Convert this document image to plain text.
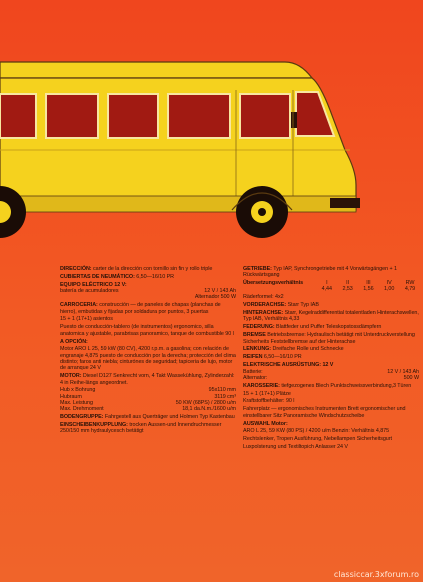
DIRECCIÓN: carter de la dirección con tornillo sin fin y rollo triple
CUBIERTAS DE NEUMÁTICO: 6,50—16/10 PR
EQUIPO ELÉCTRICO 12 V:
batería de acumuladores	12 V / 143 Ah
Alternador 500 W
CARROCERIA: construcción — de paneles de chapas (planchas de hierro), embutidas y fijadas por soldadura por puntos, 3 puertas
15 + 1 (17+1) asientos
Puesto de conducción-tablero (de instrumentos) ergonomico, silla anatomica y ajustable, parabrisas panoramico, tanque de combustible 90 l
A OPCIÓN:
Motor ARO L 25, 59 kW (80 CV), 4200 r.p.m. a gasolina; con relación de engranaje 4,875 puesto de conducción por la derecha; protección del clima distinto; faros anti niebla; cinturónes de seguridad; tapiceria de lujo, motor de arranque 24 V
MOTOR: Diesel D127 Senkrecht vorn, 4 Takt Wassekühlung, Zylinderzahl: 4 in Reihe-längs angeordnet.
Hub x Bohrung	95x110 mm
Hubraum	3119 cm³
Max. Leistung	50 KW (68PS) / 2800 u/m
Max. Drehmoment	18,1 da.N.m./1600 u/m
BODENGRUPPE: Fahrgestell aus Querträger und Holmen Typ Kastenbau
EINSCHEIBENKUPPLUNG: trocken Aussen-und Innendruchmesser 250/150 mm hydraulycesch betätigt
GETRIEBE: Typ IAP, Synchrongetriebe mit 4 Vorwärtsgängen + 1 Rückwärtsgang
Übersetzungsverhältnis	I	II	III	IV	RW
4,44	2,53	1,56	1,00	4,79
Räderformel: 4x2
VORDERACHSE: Starr Typ IAB
HINTERACHSE: Starr, Kegelraddifferential totalentladen Hinterachswellen, Typ IAB, Verhältnis 4,33
FEDERUNG: Blattfeder und Puffer Teleskopstossdämpfern
BREMSE Betriebsbremse: Hydraulisch betätigt mit Unterdruckverstellung Sicherheits Feststellbremse auf der Hinterachse
LENKUNG: Dreifache Rolle und Schnecke
REIFEN 6,50—16/10 PR
ELEKTRISCHE AUSRÜSTUNG: 12 V
Batterie:	12 V / 143 Ah
Alternator:	500 W
KAROSSERIE: tiefgezogenes Blech Punktschweissverbindung,3 Türen
15 + 1 (17+1) Plätze
Kraftstoffbehälter: 90 l
Fahrerplatz — ergonomisches Instrumenten Brett ergonomischer und einstellbarer Sitz Panoramische Windschutzscheibe
AUSWAHL Motor:
ARO L 25, 59 KW (80 PS) / 4200 u/m Benzin: Verhältnis 4,875
Rechtslenker, Tropen Ausführung, Nebellampen Sicherheitsgurt
Luxpolsterung und Textiltopich Anlasser 24 V
classiccar.3xforum.ro
